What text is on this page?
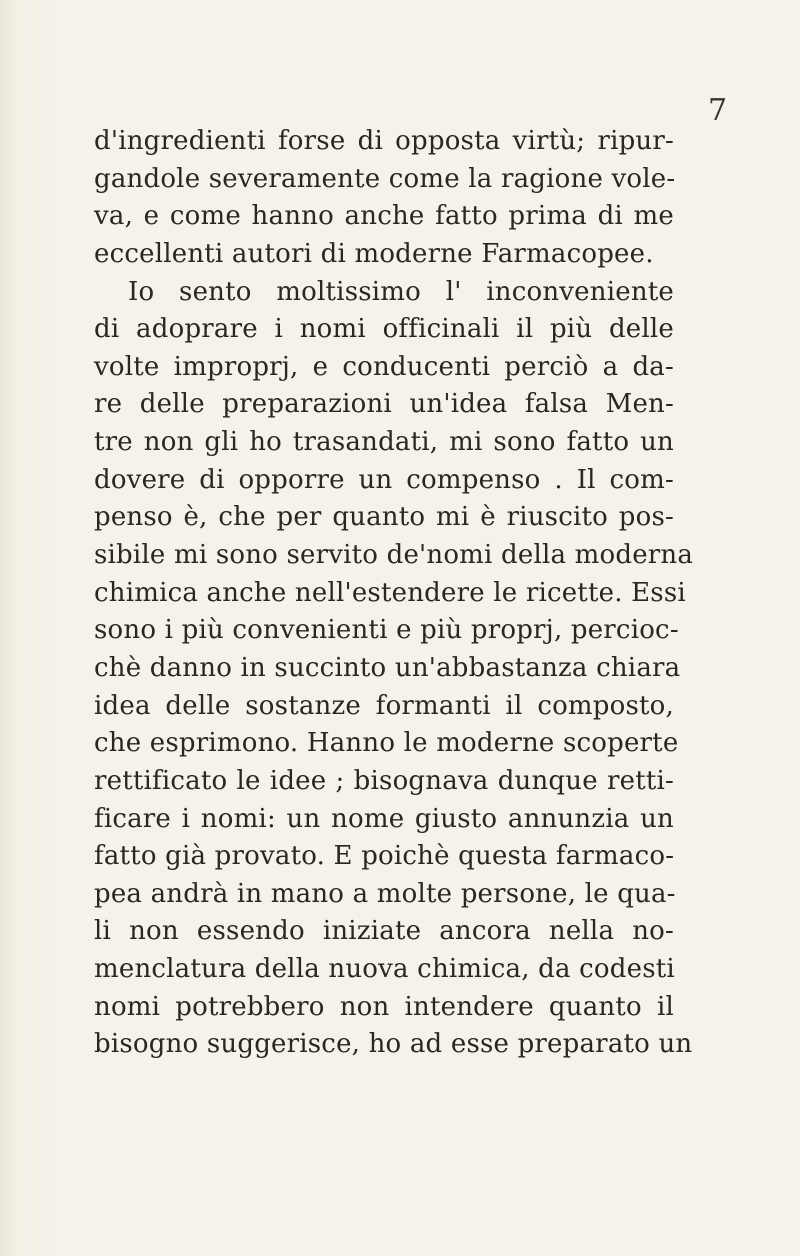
7
d'ingredienti forse di opposta virtù; ripur-
gandole severamente come la ragione vole-
va, e come hanno anche fatto prima di me
eccellenti autori di moderne Farmacopee.
Io sento moltissimo l' inconveniente
di adoprare i nomi officinali il più delle
volte improprj, e conducenti perciò a da-
re delle preparazioni un'idea falsa Men-
tre non gli ho trasandati, mi sono fatto un
dovere di opporre un compenso . Il com-
penso è, che per quanto mi è riuscito pos-
sibile mi sono servito de'nomi della moderna
chimica anche nell'estendere le ricette. Essi
sono i più convenienti e più proprj, percioc-
chè danno in succinto un'abbastanza chiara
idea delle sostanze formanti il composto,
che esprimono. Hanno le moderne scoperte
rettificato le idee ; bisognava dunque retti-
ficare i nomi: un nome giusto annunzia un
fatto già provato. E poichè questa farmaco-
pea andrà in mano a molte persone, le qua-
li non essendo iniziate ancora nella no-
menclatura della nuova chimica, da codesti
nomi potrebbero non intendere quanto il
bisogno suggerisce, ho ad esse preparato un
